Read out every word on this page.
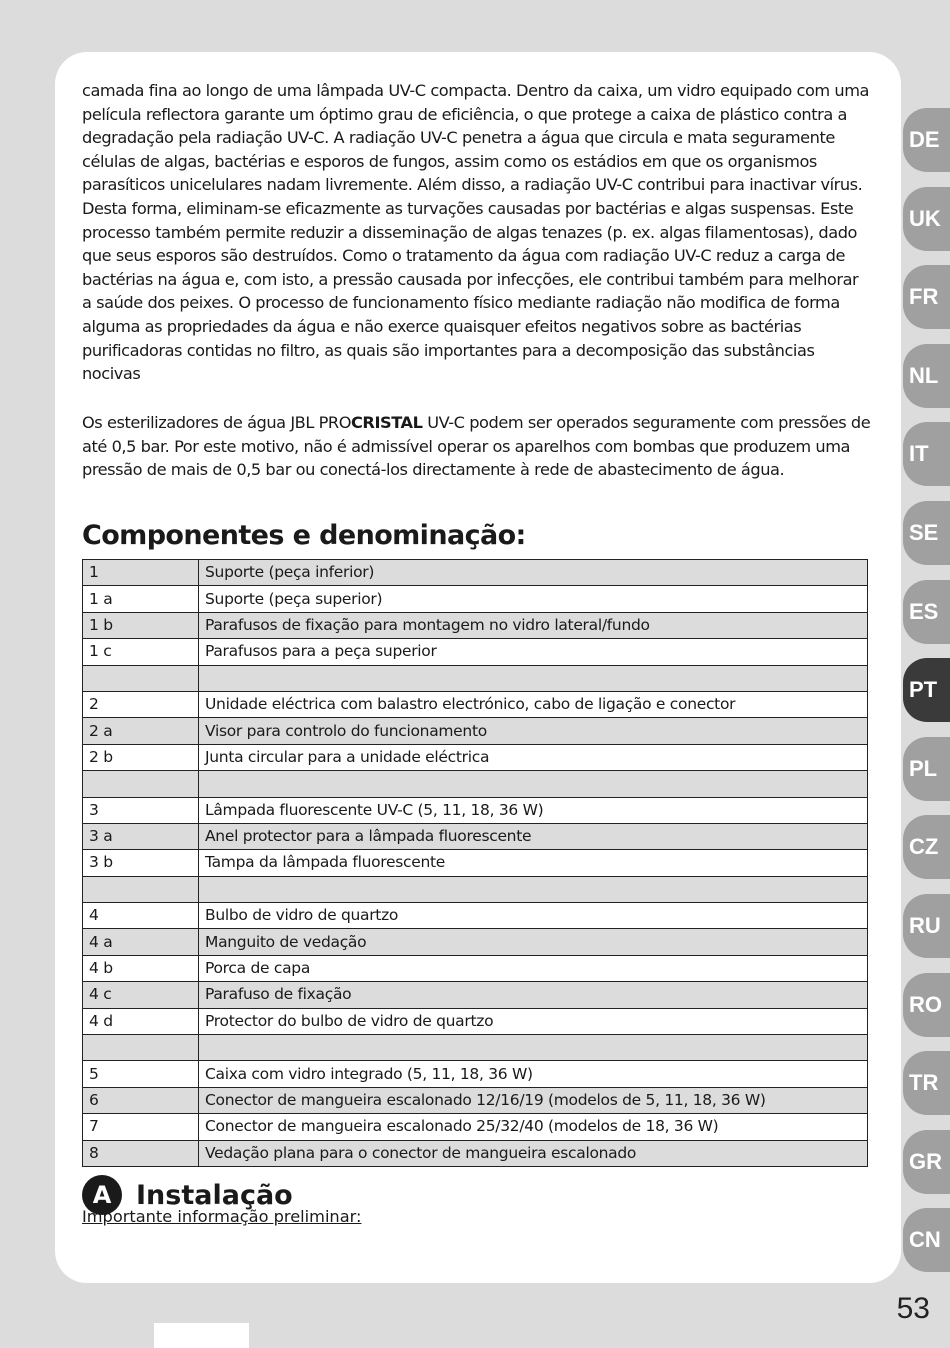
camada fina ao longo de uma lâmpada UV-C compacta. Dentro da caixa, um vidro equipado com uma película reflectora garante um óptimo grau de eficiência, o que protege a caixa de plástico contra a degradação pela radiação UV-C. A radiação UV-C penetra a água que circula e mata seguramente células de algas, bactérias e esporos de fungos, assim como os estádios em que os organismos parasíticos unicelulares nadam livremente. Além disso, a radiação UV-C contribui para inactivar vírus. Desta forma, eliminam-se eficazmente as turvações causadas por bactérias e algas suspensas. Este processo também permite reduzir a disseminação de algas tenazes (p. ex. algas filamentosas), dado que seus esporos são destruídos. Como o tratamento da água com radiação UV-C reduz a carga de bactérias na água e, com isto, a pressão causada por infecções, ele contribui também para melhorar a saúde dos peixes. O processo de funcionamento físico mediante radiação não modifica de forma alguma as propriedades da água e não exerce quaisquer efeitos negativos sobre as bactérias purificadoras contidas no filtro, as quais são importantes para a decomposição das substâncias nocivas

Os esterilizadores de água JBL PROCRISTAL UV-C podem ser operados seguramente com pressões de até 0,5 bar. Por este motivo, não é admissível operar os aparelhos com bombas que produzem uma pressão de mais de 0,5 bar ou conectá-los directamente à rede de abastecimento de água.

Componentes e denominação:
1	Suporte (peça inferior)
1 a	Suporte (peça superior)
1 b	Parafusos de fixação para montagem no vidro lateral/fundo
1 c	Parafusos para a peça superior

2	Unidade eléctrica com balastro electrónico, cabo de ligação e conector
2 a	Visor para controlo do funcionamento
2 b	Junta circular para a unidade eléctrica

3	Lâmpada fluorescente UV-C (5, 11, 18, 36 W)
3 a	Anel protector para a lâmpada fluorescente
3 b	Tampa da lâmpada fluorescente

4	Bulbo de vidro de quartzo
4 a	Manguito de vedação
4 b	Porca de capa
4 c	Parafuso de fixação
4 d	Protector do bulbo de vidro de quartzo

5	Caixa com vidro integrado (5, 11, 18, 36 W)
6	Conector de mangueira escalonado 12/16/19 (modelos de 5, 11, 18, 36 W)
7	Conector de mangueira escalonado 25/32/40 (modelos de 18, 36 W)
8	Vedação plana para o conector de mangueira escalonado
A Instalação
Importante informação preliminar:
DE
UK
FR
NL
IT
SE
ES
PT
PL
CZ
RU
RO
TR
GR
CN
53
